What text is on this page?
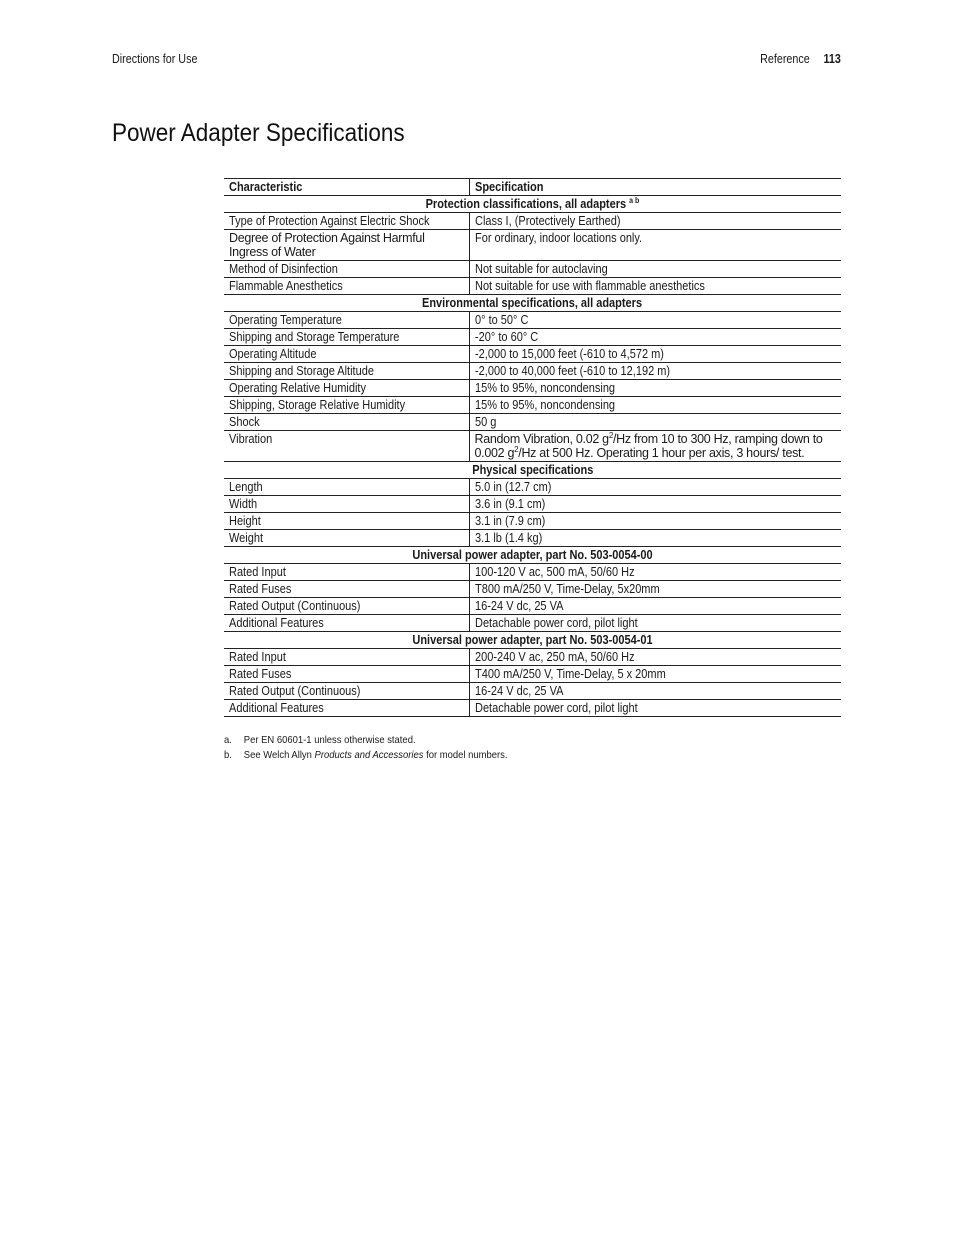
Directions for Use	Reference 113
Power Adapter Specifications
Characteristic	Specification
Protection classifications, all adapters $^{a b}$
Type of Protection Against Electric Shock	Class I, (Protectively Earthed)

Degree of Protection Against Harmful Ingress of Water	For ordinary, indoor locations only.
Method of Disinfection	Not suitable for autoclaving
Flammable Anesthetics	Not suitable for use with flammable anesthetics
Environmental specifications, all adapters	
Operating Temperature	0° to 50° C
Shipping and Storage Temperature	-20° to 60° C
Operating Altitude	-2,000 to 15,000 feet (-610 to 4,572 m)
Shipping and Storage Altitude	-2,000 to 40,000 feet (-610 to 12,192 m)
Operating Relative Humidity	15% to 95%, noncondensing
Shipping, Storage Relative Humidity	15% to 95%, noncondensing
Shock	50 g
Vibration	Random Vibration, 0.02 $g^2/Hz$ from 10 to 300 Hz, ramping down to 0.002 $g^2/Hz$ at 500 Hz. Operating 1 hour per axis, 3 hours/ test.

Physical specifications	
Length	5.0 in (12.7 cm)
Width	3.6 in (9.1 cm)
Height	3.1 in (7.9 cm)
Weight	3.1 lb (1.4 kg)
Universal power adapter, part No. 503-0054-00	
Rated Input	100-120 V ac, 500 mA, 50/60 Hz
Rated Fuses	T800 mA/250 V, Time-Delay, 5x20mm
Rated Output (Continuous)	16-24 V dc, 25 VA
Additional Features	Detachable power cord, pilot light
Universal power adapter, part No. 503-0054-01	
Rated Input	200-240 V ac, 250 mA, 50/60 Hz
Rated Fuses	T400 mA/250 V, Time-Delay, 5 x 20mm
Rated Output (Continuous)	16-24 V dc, 25 VA
Additional Features	Detachable power cord, pilot light
a. Per EN 60601-1 unless otherwise stated.
b. See Welch Allyn Products and Accessories for model numbers.
